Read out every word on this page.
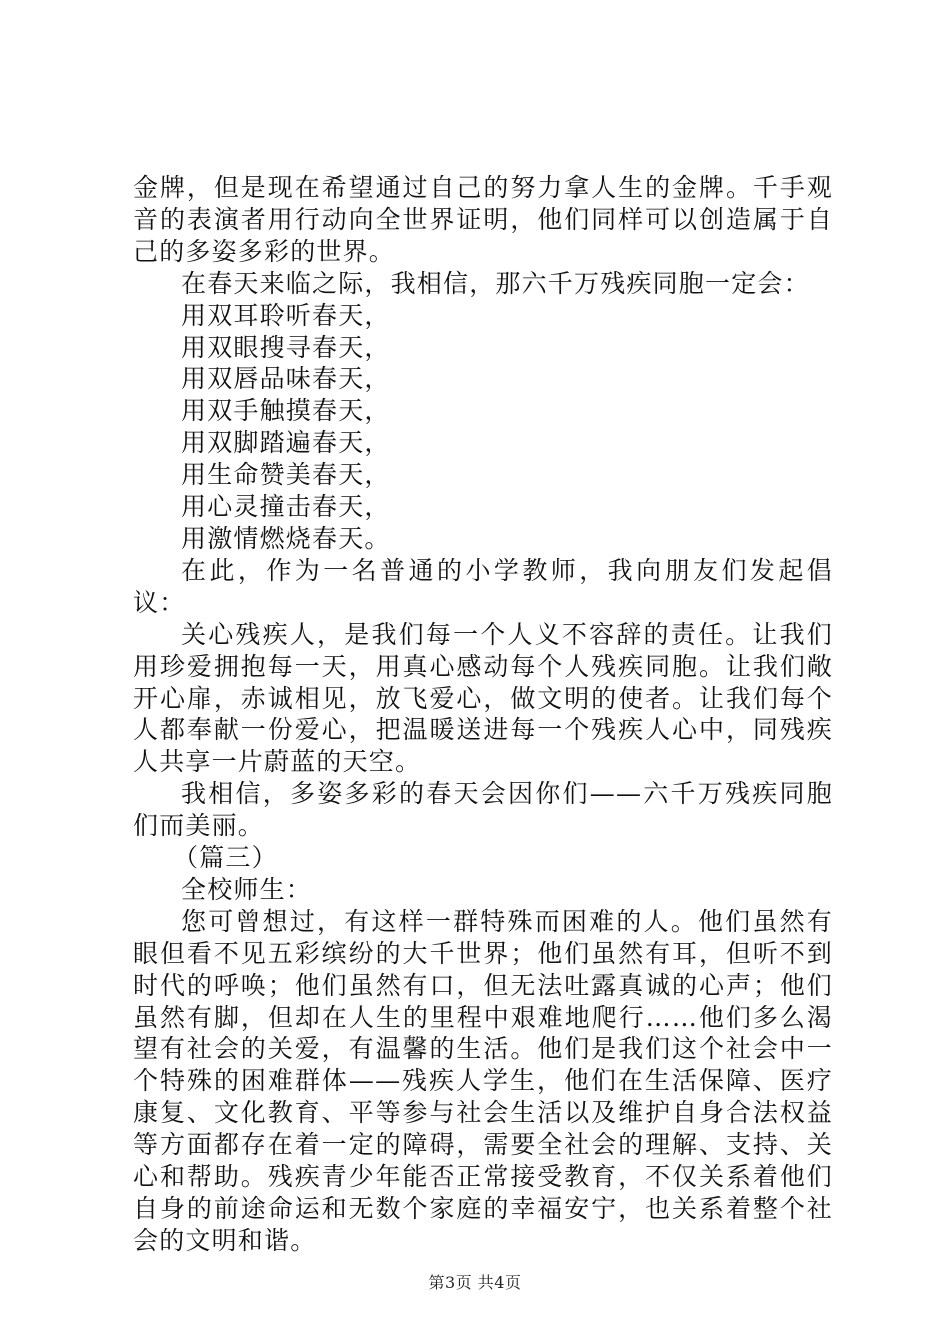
金牌，但是现在希望通过自己的努力拿人生的金牌。千手观音的表演者用行动向全世界证明，他们同样可以创造属于自己的多姿多彩的世界。

在春天来临之际，我相信，那六千万残疾同胞一定会：

用双耳聆听春天，

用双眼搜寻春天，

用双唇品味春天，

用双手触摸春天，

用双脚踏遍春天，

用生命赞美春天，

用心灵撞击春天，

用激情燃烧春天。

在此，作为一名普通的小学教师，我向朋友们发起倡议：

关心残疾人，是我们每一个人义不容辞的责任。让我们用珍爱拥抱每一天，用真心感动每个人残疾同胞。让我们敞开心扉，赤诚相见，放飞爱心，做文明的使者。让我们每个人都奉献一份爱心，把温暖送进每一个残疾人心中，同残疾人共享一片蔚蓝的天空。

我相信，多姿多彩的春天会因你们——六千万残疾同胞们而美丽。

（篇三）

全校师生：

您可曾想过，有这样一群特殊而困难的人。他们虽然有眼但看不见五彩缤纷的大千世界；他们虽然有耳，但听不到时代的呼唤；他们虽然有口，但无法吐露真诚的心声；他们虽然有脚，但却在人生的里程中艰难地爬行……他们多么渴望有社会的关爱，有温馨的生活。他们是我们这个社会中一个特殊的困难群体——残疾人学生，他们在生活保障、医疗康复、文化教育、平等参与社会生活以及维护自身合法权益等方面都存在着一定的障碍，需要全社会的理解、支持、关心和帮助。残疾青少年能否正常接受教育，不仅关系着他们自身的前途命运和无数个家庭的幸福安宁，也关系着整个社会的文明和谐。

第3页 共4页
